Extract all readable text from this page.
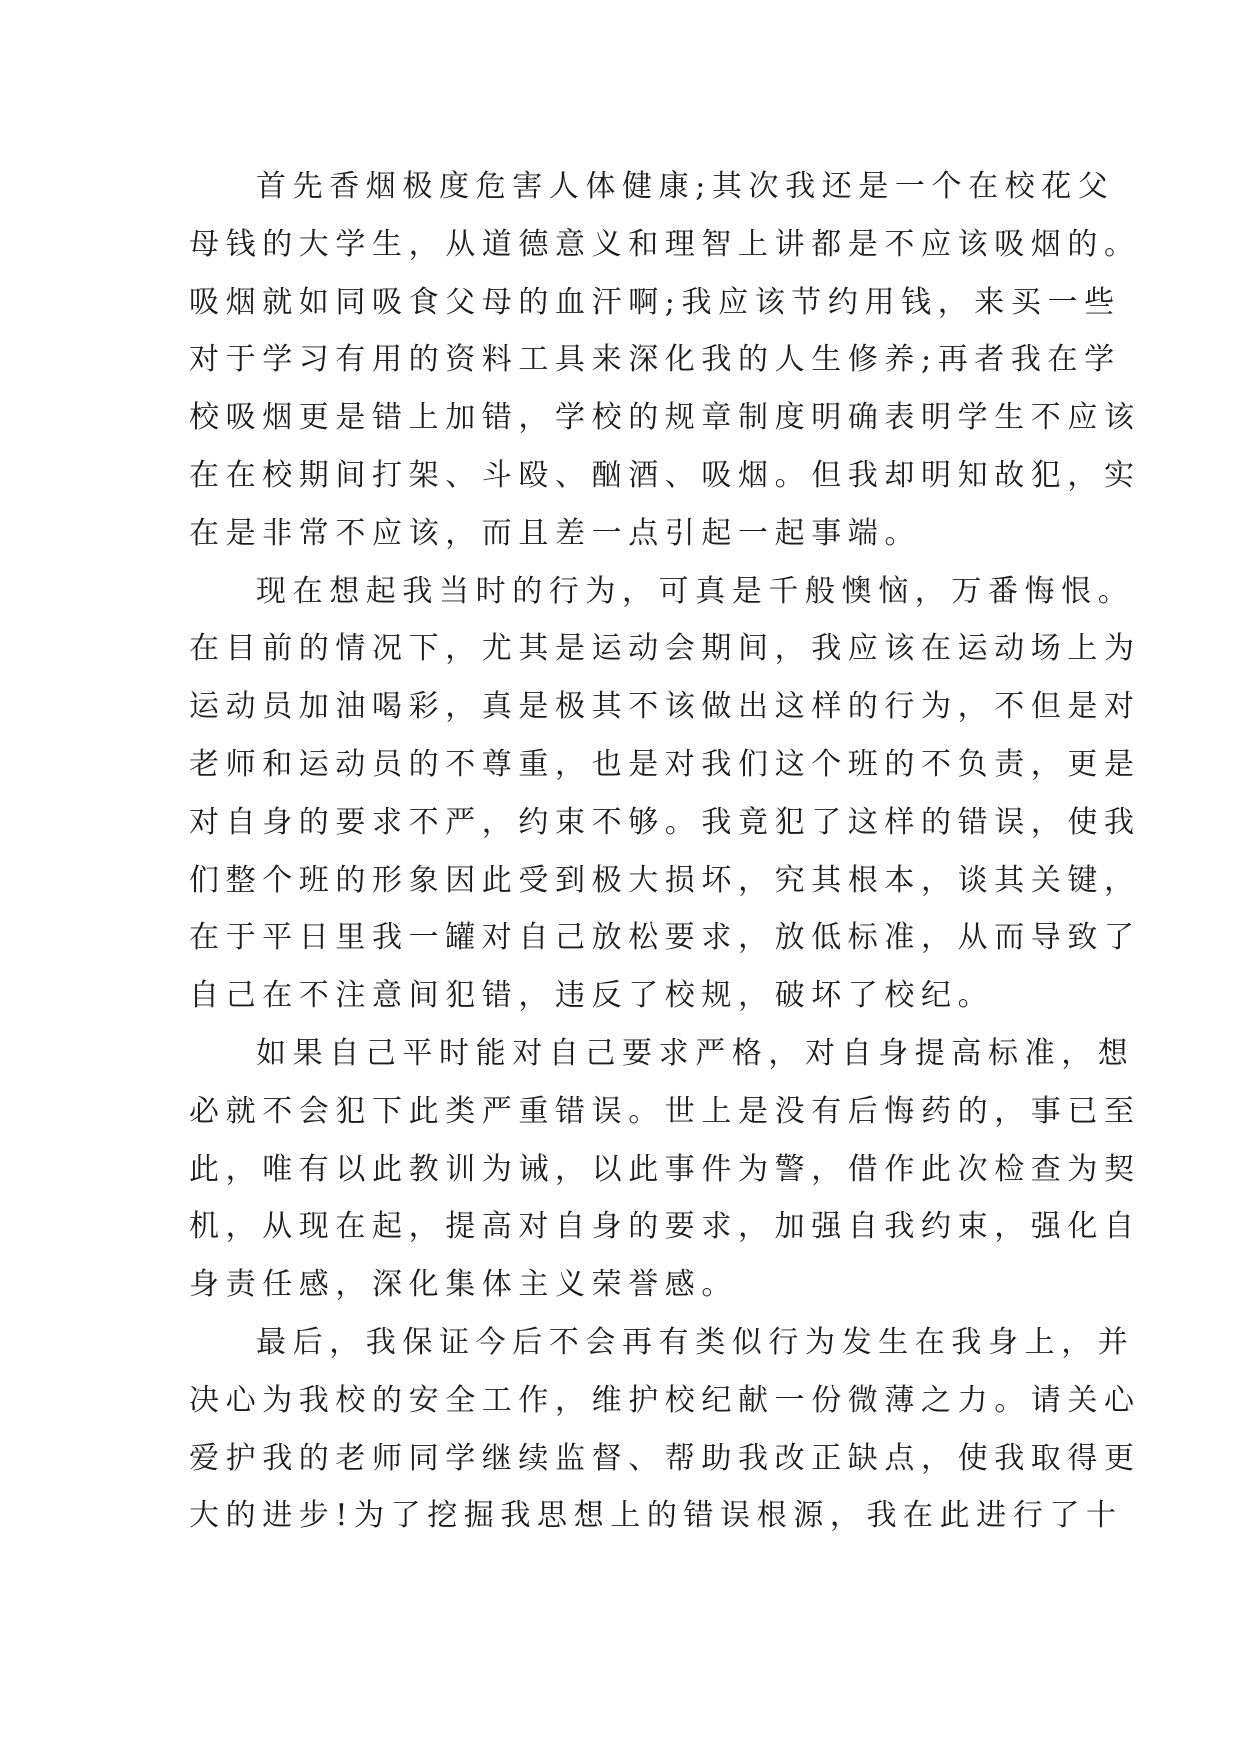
首先香烟极度危害人体健康;其次我还是一个在校花父
母钱的大学生，从道德意义和理智上讲都是不应该吸烟的。
吸烟就如同吸食父母的血汗啊;我应该节约用钱，来买一些
对于学习有用的资料工具来深化我的人生修养;再者我在学
校吸烟更是错上加错，学校的规章制度明确表明学生不应该
在在校期间打架、斗殴、酗酒、吸烟。但我却明知故犯，实
在是非常不应该，而且差一点引起一起事端。
现在想起我当时的行为，可真是千般懊恼，万番悔恨。
在目前的情况下，尤其是运动会期间，我应该在运动场上为
运动员加油喝彩，真是极其不该做出这样的行为，不但是对
老师和运动员的不尊重，也是对我们这个班的不负责，更是
对自身的要求不严，约束不够。我竟犯了这样的错误，使我
们整个班的形象因此受到极大损坏，究其根本，谈其关键，
在于平日里我一罐对自己放松要求，放低标准，从而导致了
自己在不注意间犯错，违反了校规，破坏了校纪。
如果自己平时能对自己要求严格，对自身提高标准，想
必就不会犯下此类严重错误。世上是没有后悔药的，事已至
此，唯有以此教训为诫，以此事件为警，借作此次检查为契
机，从现在起，提高对自身的要求，加强自我约束，强化自
身责任感，深化集体主义荣誉感。
最后，我保证今后不会再有类似行为发生在我身上，并
决心为我校的安全工作，维护校纪献一份微薄之力。请关心
爱护我的老师同学继续监督、帮助我改正缺点，使我取得更
大的进步!为了挖掘我思想上的错误根源，我在此进行了十
